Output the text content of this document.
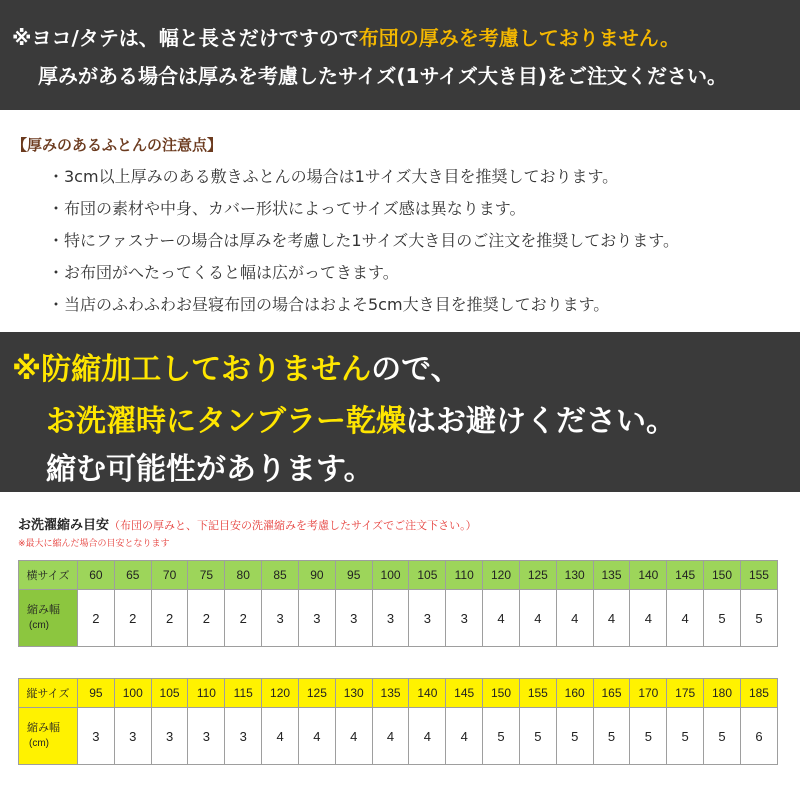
※ヨコ/タテは、幅と長さだけですので布団の厚みを考慮しておりません。
厚みがある場合は厚みを考慮したサイズ(1サイズ大き目)をご注文ください。
【厚みのあるふとんの注意点】
・3cm以上厚みのある敷きふとんの場合は1サイズ大き目を推奨しております。
・布団の素材や中身、カバー形状によってサイズ感は異なります。
・特にファスナーの場合は厚みを考慮した1サイズ大き目のご注文を推奨しております。
・お布団がへたってくると幅は広がってきます。
・当店のふわふわお昼寝布団の場合はおよそ5cm大き目を推奨しております。
※防縮加工しておりませんので、
お洗濯時にタンブラー乾燥はお避けください。
縮む可能性があります。
お洗濯縮み目安（布団の厚みと、下記目安の洗濯縮みを考慮したサイズでご注文下さい。）
※最大に縮んだ場合の目安となります
横サイズ	60	65	70	75	80	85	90	95	100	105	110	120	125	130	135	140	145	150	155
縮み幅
(cm)	2	2	2	2	2	3	3	3	3	3	3	4	4	4	4	4	4	5	5
縦サイズ	95	100	105	110	115	120	125	130	135	140	145	150	155	160	165	170	175	180	185
縮み幅
(cm)	3	3	3	3	3	4	4	4	4	4	4	5	5	5	5	5	5	5	6
